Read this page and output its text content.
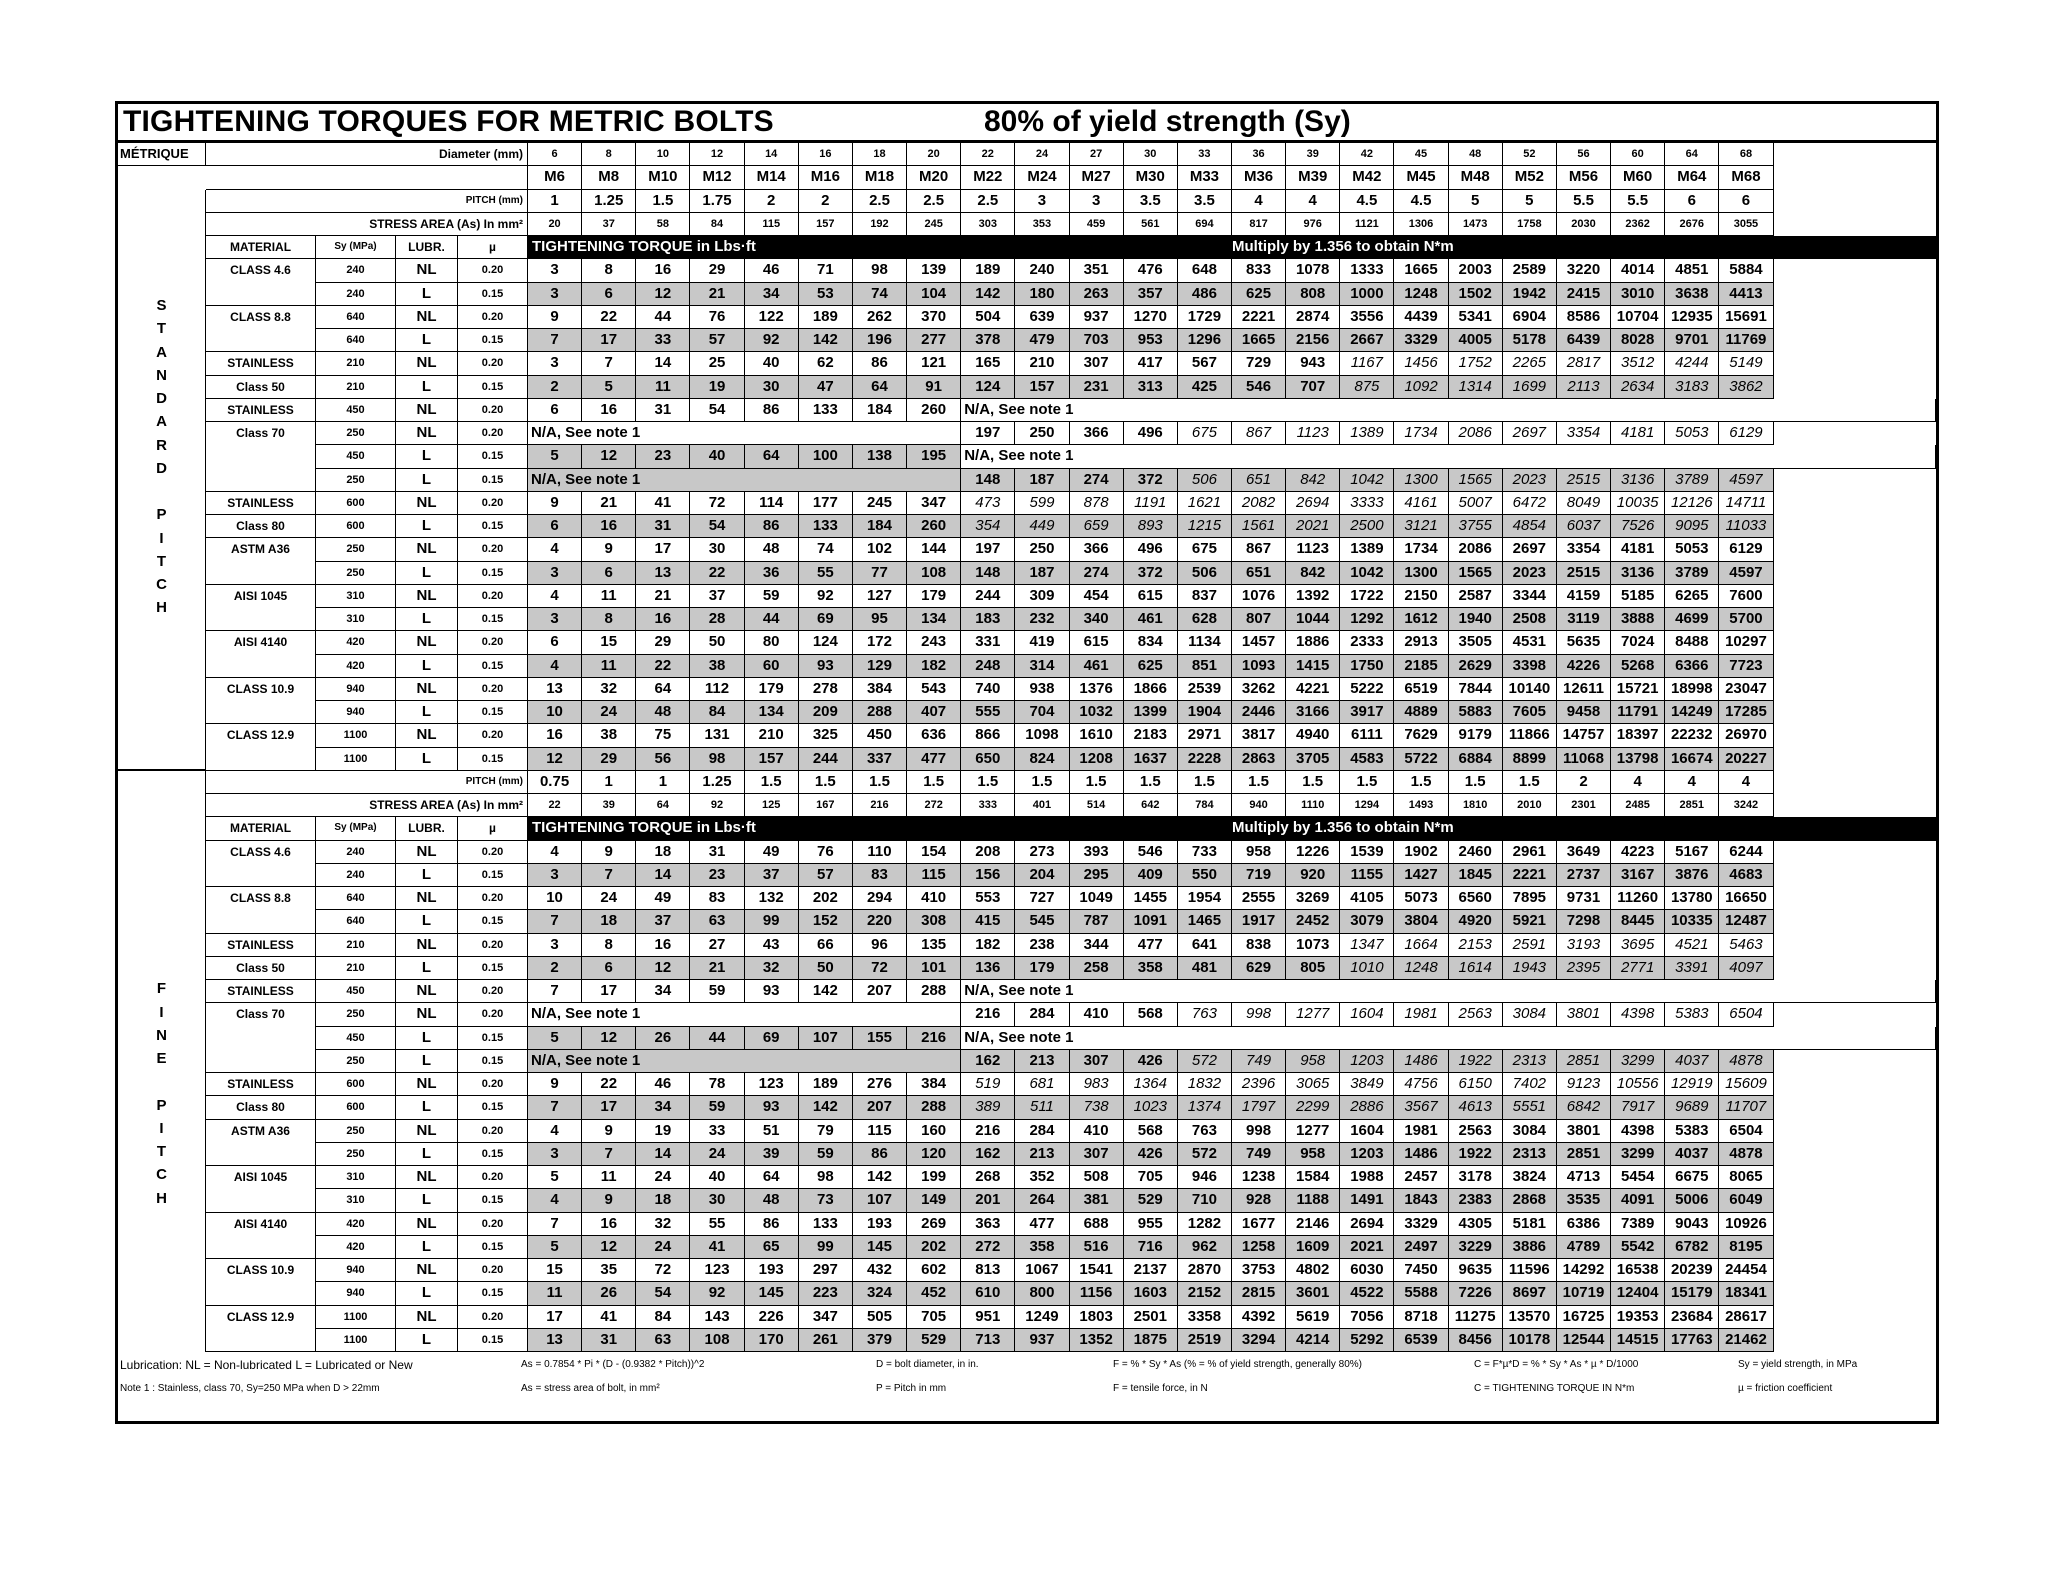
TIGHTENING TORQUES FOR METRIC BOLTS	80% of yield strength (Sy)
MÉTRIQUE	Diameter (mm)	6	8	10	12	14	16	18	20	22	24	27	30	33	36	39	42	45	48	52	56	60	64	68
M6	M8	M10	M12	M14	M16	M18	M20	M22	M24	M27	M30	M33	M36	M39	M42	M45	M48	M52	M56	M60	M64	M68
PITCH (mm)	1	1.25	1.5	1.75	2	2	2.5	2.5	2.5	3	3	3.5	3.5	4	4	4.5	4.5	5	5	5.5	5.5	6	6
STRESS AREA (As) In mm²	20	37	58	84	115	157	192	245	303	353	459	561	694	817	976	1121	1306	1473	1758	2030	2362	2676	3055
MATERIAL	Sy (MPa)	LUBR.	µ	TIGHTENING TORQUE in Lbs·ft	Multiply by 1.356 to obtain N*m
S
T
A
N
D
A
R
D
P
I
T
C
H
CLASS 4.6	240	NL	0.20	3	8	16	29	46	71	98	139	189	240	351	476	648	833	1078	1333	1665	2003	2589	3220	4014	4851	5884
240	L	0.15	3	6	12	21	34	53	74	104	142	180	263	357	486	625	808	1000	1248	1502	1942	2415	3010	3638	4413
CLASS 8.8	640	NL	0.20	9	22	44	76	122	189	262	370	504	639	937	1270	1729	2221	2874	3556	4439	5341	6904	8586	10704 12935 15691
640	L	0.15	7	17	33	57	92	142	196	277	378	479	703	953	1296	1665	2156	2667	3329	4005	5178	6439	8028	9701	11769
STAINLESS	210	NL	0.20	3	7	14	25	40	62	86	121	165	210	307	417	567	729	943	1167	1456	1752	2265	2817	3512	4244	5149
Class 50	210	L	0.15	2	5	11	19	30	47	64	91	124	157	231	313	425	546	707	875	1092	1314	1699	2113	2634	3183	3862
STAINLESS	450	NL	0.20	6	16	31	54	86	133	184	260	N/A, See note 1
Class 70	250	NL	0.20	N/A, See note 1	197	250	366	496	675	867	1123	1389	1734	2086	2697	3354	4181	5053	6129
450	L	0.15	5	12	23	40	64	100	138	195	N/A, See note 1
250	L	0.15	N/A, See note 1	148	187	274	372	506	651	842	1042	1300	1565	2023	2515	3136	3789	4597
STAINLESS	600	NL	0.20	9	21	41	72	114	177	245	347	473	599	878	1191	1621	2082	2694	3333	4161	5007	6472	8049	10035 12126 14711
Class 80	600	L	0.15	6	16	31	54	86	133	184	260	354	449	659	893	1215	1561	2021	2500	3121	3755	4854	6037	7526	9095	11033
ASTM A36	250	NL	0.20	4	9	17	30	48	74	102	144	197	250	366	496	675	867	1123	1389	1734	2086	2697	3354	4181	5053	6129
250	L	0.15	3	6	13	22	36	55	77	108	148	187	274	372	506	651	842	1042	1300	1565	2023	2515	3136	3789	4597
AISI 1045	310	NL	0.20	4	11	21	37	59	92	127	179	244	309	454	615	837	1076	1392	1722	2150	2587	3344	4159	5185	6265	7600
310	L	0.15	3	8	16	28	44	69	95	134	183	232	340	461	628	807	1044	1292	1612	1940	2508	3119	3888	4699	5700
AISI 4140	420	NL	0.20	6	15	29	50	80	124	172	243	331	419	615	834	1134	1457	1886	2333	2913	3505	4531	5635	7024	8488	10297
420	L	0.15	4	11	22	38	60	93	129	182	248	314	461	625	851	1093	1415	1750	2185	2629	3398	4226	5268	6366	7723
CLASS 10.9	940	NL	0.20	13	32	64	112	179	278	384	543	740	938	1376	1866	2539	3262	4221	5222	6519	7844	10140 12611 15721 18998 23047
940	L	0.15	10	24	48	84	134	209	288	407	555	704	1032	1399	1904	2446	3166	3917	4889	5883	7605	9458	11791 14249 17285
CLASS 12.9	1100	NL	0.20	16	38	75	131	210	325	450	636	866	1098	1610	2183	2971	3817	4940	6111	7629	9179	11866 14757 18397 22232 26970
1100	L	0.15	12	29	56	98	157	244	337	477	650	824	1208	1637	2228	2863	3705	4583	5722	6884	8899	11068 13798 16674 20227
PITCH (mm)	0.75	1	1	1.25	1.5	1.5	1.5	1.5	1.5	1.5	1.5	1.5	1.5	1.5	1.5	1.5	1.5	1.5	1.5	2	4	4	4
STRESS AREA (As) In mm²	22	39	64	92	125	167	216	272	333	401	514	642	784	940	1110	1294	1493	1810	2010	2301	2485	2851	3242
MATERIAL	Sy (MPa)	LUBR.	µ	TIGHTENING TORQUE in Lbs·ft	Multiply by 1.356 to obtain N*m
F
I
N
E
P
I
T
C
H
CLASS 4.6	240	NL	0.20	4	9	18	31	49	76	110	154	208	273	393	546	733	958	1226	1539	1902	2460	2961	3649	4223	5167	6244
240	L	0.15	3	7	14	23	37	57	83	115	156	204	295	409	550	719	920	1155	1427	1845	2221	2737	3167	3876	4683
CLASS 8.8	640	NL	0.20	10	24	49	83	132	202	294	410	553	727	1049	1455	1954	2555	3269	4105	5073	6560	7895	9731	11260 13780 16650
640	L	0.15	7	18	37	63	99	152	220	308	415	545	787	1091	1465	1917	2452	3079	3804	4920	5921	7298	8445	10335 12487
STAINLESS	210	NL	0.20	3	8	16	27	43	66	96	135	182	238	344	477	641	838	1073	1347	1664	2153	2591	3193	3695	4521	5463
Class 50	210	L	0.15	2	6	12	21	32	50	72	101	136	179	258	358	481	629	805	1010	1248	1614	1943	2395	2771	3391	4097
STAINLESS	450	NL	0.20	7	17	34	59	93	142	207	288	N/A, See note 1
Class 70	250	NL	0.20	N/A, See note 1	216	284	410	568	763	998	1277	1604	1981	2563	3084	3801	4398	5383	6504
450	L	0.15	5	12	26	44	69	107	155	216	N/A, See note 1
250	L	0.15	N/A, See note 1	162	213	307	426	572	749	958	1203	1486	1922	2313	2851	3299	4037	4878
STAINLESS	600	NL	0.20	9	22	46	78	123	189	276	384	519	681	983	1364	1832	2396	3065	3849	4756	6150	7402	9123	10556 12919 15609
Class 80	600	L	0.15	7	17	34	59	93	142	207	288	389	511	738	1023	1374	1797	2299	2886	3567	4613	5551	6842	7917	9689	11707
ASTM A36	250	NL	0.20	4	9	19	33	51	79	115	160	216	284	410	568	763	998	1277	1604	1981	2563	3084	3801	4398	5383	6504
250	L	0.15	3	7	14	24	39	59	86	120	162	213	307	426	572	749	958	1203	1486	1922	2313	2851	3299	4037	4878
AISI 1045	310	NL	0.20	5	11	24	40	64	98	142	199	268	352	508	705	946	1238	1584	1988	2457	3178	3824	4713	5454	6675	8065
310	L	0.15	4	9	18	30	48	73	107	149	201	264	381	529	710	928	1188	1491	1843	2383	2868	3535	4091	5006	6049
AISI 4140	420	NL	0.20	7	16	32	55	86	133	193	269	363	477	688	955	1282	1677	2146	2694	3329	4305	5181	6386	7389	9043	10926
420	L	0.15	5	12	24	41	65	99	145	202	272	358	516	716	962	1258	1609	2021	2497	3229	3886	4789	5542	6782	8195
CLASS 10.9	940	NL	0.20	15	35	72	123	193	297	432	602	813	1067	1541	2137	2870	3753	4802	6030	7450	9635	11596 14292 16538 20239 24454
940	L	0.15	11	26	54	92	145	223	324	452	610	800	1156	1603	2152	2815	3601	4522	5588	7226	8697	10719 12404 15179 18341
CLASS 12.9	1100	NL	0.20	17	41	84	143	226	347	505	705	951	1249	1803	2501	3358	4392	5619	7056	8718	11275 13570 16725 19353 23684 28617
1100	L	0.15	13	31	63	108	170	261	379	529	713	937	1352	1875	2519	3294	4214	5292	6539	8456	10178 12544 14515 17763 21462
Lubrication: NL = Non-lubricated L = Lubricated or New
Note 1 : Stainless, class 70, Sy=250 MPa when D > 22mm
As = 0.7854 * Pi * (D - (0.9382 * Pitch))^2
As = stress area of bolt, in mm²
D = bolt diameter, in in.
P = Pitch in mm
F = % * Sy * As (% = % of yield strength, generally 80%)
F = tensile force, in N
C = F*µ*D = % * Sy * As * µ * D/1000
C = TIGHTENING TORQUE IN N*m
Sy = yield strength, in MPa
µ = friction coefficient
